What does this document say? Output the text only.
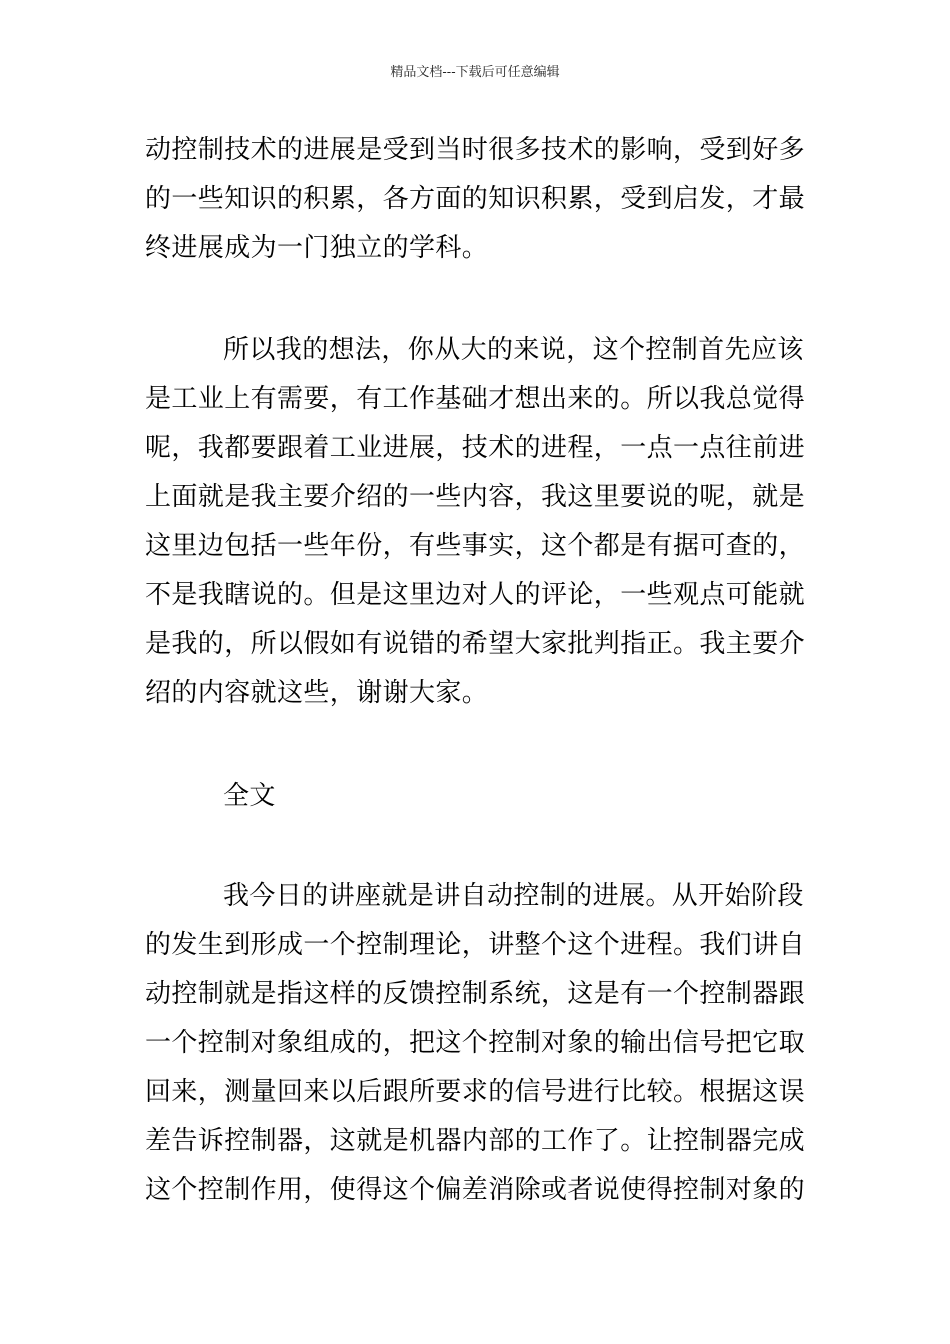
精品文档---下载后可任意编辑
动控制技术的进展是受到当时很多技术的影响，受到好多
的一些知识的积累，各方面的知识积累，受到启发，才最
终进展成为一门独立的学科。
所以我的想法，你从大的来说，这个控制首先应该
是工业上有需要，有工作基础才想出来的。所以我总觉得
呢，我都要跟着工业进展，技术的进程，一点一点往前进
上面就是我主要介绍的一些内容，我这里要说的呢，就是
这里边包括一些年份，有些事实，这个都是有据可查的，
不是我瞎说的。但是这里边对人的评论，一些观点可能就
是我的，所以假如有说错的希望大家批判指正。我主要介
绍的内容就这些，谢谢大家。
全文
我今日的讲座就是讲自动控制的进展。从开始阶段
的发生到形成一个控制理论，讲整个这个进程。我们讲自
动控制就是指这样的反馈控制系统，这是有一个控制器跟
一个控制对象组成的，把这个控制对象的输出信号把它取
回来，测量回来以后跟所要求的信号进行比较。根据这误
差告诉控制器，这就是机器内部的工作了。让控制器完成
这个控制作用，使得这个偏差消除或者说使得控制对象的
